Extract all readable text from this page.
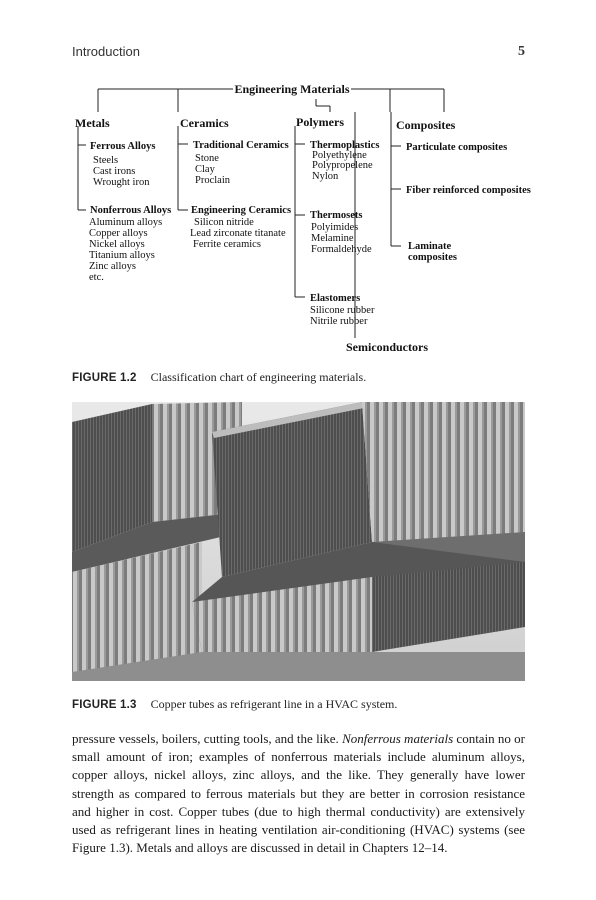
Introduction	5
Engineering Materials
Metals
Ferrous Alloys
Steels
Cast irons
Wrought iron
Nonferrous Alloys
Aluminum alloys
Copper alloys
Nickel alloys
Titanium alloys
Zinc alloys
etc.
Ceramics
Traditional Ceramics
Stone
Clay
Proclain
Engineering Ceramics
Silicon nitride
Lead zirconate titanate
Ferrite ceramics
Polymers
Thermoplastics
Polyethylene
Polypropelene
Nylon
Thermosets
Polyimides
Melamine
Formaldehyde
Elastomers
Silicone rubber
Nitrile rubber
Composites
Particulate composites
Fiber reinforced composites
Laminate
composites
Semiconductors
FIGURE 1.2 Classification chart of engineering materials.
FIGURE 1.3 Copper tubes as refrigerant line in a HVAC system.

pressure vessels, boilers, cutting tools, and the like. Nonferrous materials contain no or small amount of iron; examples of nonferrous materials include aluminum alloys, copper alloys, nickel alloys, zinc alloys, and the like. They generally have lower strength as compared to ferrous materials but they are better in corrosion resistance and higher in cost. Copper tubes (due to high thermal conductivity) are extensively used as refrigerant lines in heating ventilation air-conditioning (HVAC) systems (see Figure 1.3). Metals and alloys are discussed in detail in Chapters 12–14.
